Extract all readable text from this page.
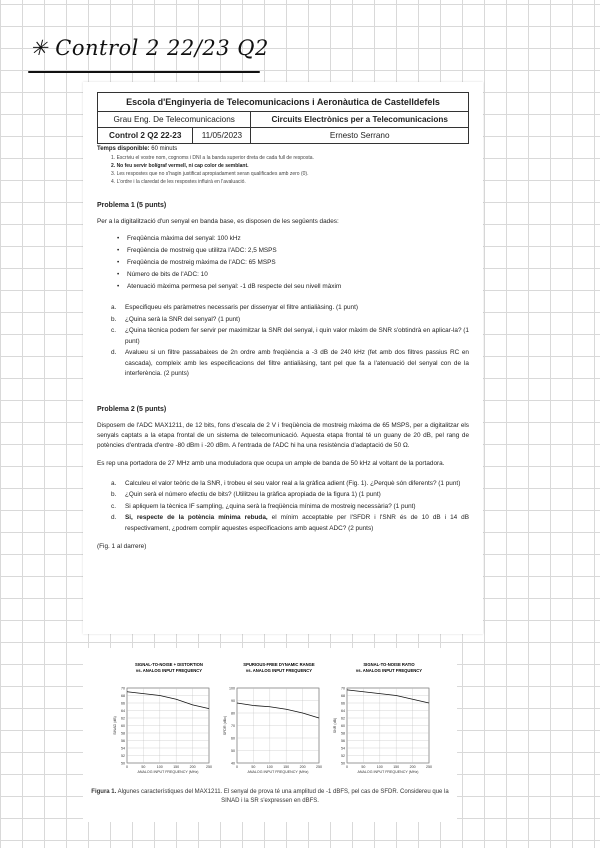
✳ Control 2 22/23 Q2
Escola d'Enginyeria de Telecomunicacions i Aeronàutica de Castelldefels		
Grau Eng. De Telecomunicacions		Circuits Electrònics per a Telecomunicacions
Control 2 Q2 22-23	11/05/2023	Ernesto Serrano
Temps disponible: 60 minuts
1. Escriviu el vostre nom, cognoms i DNI a la banda superior dreta de cada full de resposta.
2. No feu servir bolígraf vermell, ni cap color de semblant.
3. Les respostes que no s'hagin justificat apropiadament seran qualificades amb zero (0).
4. L'ordre i la claredat de les respostes influirà en l'avaluació.
Problema 1 (5 punts)
Per a la digitalització d'un senyal en banda base, es disposen de les següents dades:
• Freqüència màxima del senyal: 100 kHz
• Freqüència de mostreig que utilitza l'ADC: 2,5 MSPS
• Freqüència de mostreig màxima de l'ADC: 65 MSPS
• Número de bits de l'ADC: 10
• Atenuació màxima permesa pel senyal: -1 dB respecte del seu nivell màxim
a.	Especifiqueu els paràmetres necessaris per dissenyar el filtre antialiàsing. (1 punt)
b.	¿Quina serà la SNR del senyal? (1 punt)
c.	¿Quina tècnica podem fer servir per maximitzar la SNR del senyal, i quin valor màxim de SNR s'obtindrà en aplicar-la? (1 punt)
d.	Avalueu si un filtre passabaixes de 2n ordre amb freqüència a -3 dB de 240 kHz (fet amb dos filtres passius RC en cascada), compleix amb les especificacions del filtre antialiàsing, tant pel que fa a l'atenuació del senyal con de la interferència. (2 punts)
Problema 2 (5 punts)
Disposem de l'ADC MAX1211, de 12 bits, fons d'escala de 2 V i freqüència de mostreig màxima de 65 MSPS, per a digitalitzar els senyals captats a la etapa frontal de un sistema de telecomunicació. Aquesta etapa frontal té un guany de 20 dB, pel rang de potències d'entrada d'entre -80 dBm i -20 dBm. A l'entrada de l'ADC hi ha una resistència d'adaptació de 50 Ω.
Es rep una portadora de 27 MHz amb una moduladora que ocupa un ample de banda de 50 kHz al voltant de la portadora.
a.	Calculeu el valor teòric de la SNR, i trobeu el seu valor real a la gràfica adient (Fig. 1). ¿Perquè són diferents? (1 punt)
b.	¿Quin serà el número efectiu de bits? (Utilitzeu la gràfica apropiada de la figura 1) (1 punt)
c.	Si apliquem la tècnica IF sampling, ¿quina serà la freqüència mínima de mostreig necessària? (1 punt)
d.	Si, respecte de la potència mínima rebuda, el mínim acceptable per l'SFDR i l'SNR és de 10 dB i 14 dB respectivament, ¿podrem complir aquestes especificacions amb aquest ADC? (2 punts)
(Fig. 1 al darrere)
SIGNAL-TO-NOISE + DISTORTION
vs. ANALOG INPUT FREQUENCY
70
68
66
64
62
60
58
56
54
52
50
0	50	100	150	200	250
ANALOG INPUT FREQUENCY (MHz)
SINAD (dB)
SPURIOUS-FREE DYNAMIC RANGE
vs. ANALOG INPUT FREQUENCY
100
90
80
70
60
50
40
0	50	100	150	200	250
ANALOG INPUT FREQUENCY (MHz)
SFDR (dBc)
SIGNAL-TO-NOISE RATIO
vs. ANALOG INPUT FREQUENCY
70
68
66
64
62
60
58
56
54
52
50
0	50	100	150	200	250
ANALOG INPUT FREQUENCY (MHz)
SNR (dB)
Figura 1. Algunes característiques del MAX1211. El senyal de prova té una amplitud de -1 dBFS, pel cas de SFDR. Considereu que la SINAD i la SR s'expressen en dBFS.
